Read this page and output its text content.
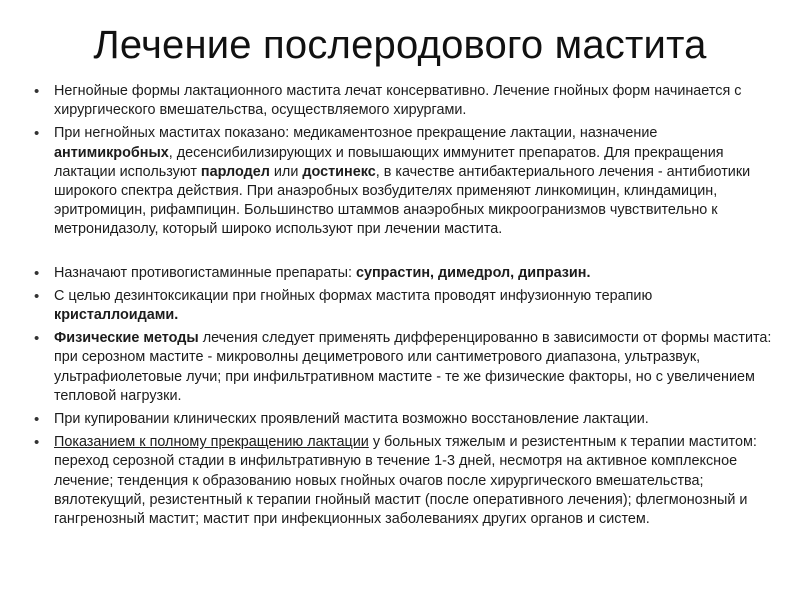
Лечение послеродового мастита
• Негнойные формы лактационного мастита лечат консервативно. Лечение гнойных форм начинается с хирургического вмешательства, осуществляемого хирургами.
• При негнойных маститах показано: медикаментозное прекращение лактации, назначение антимикробных, десенсибилизирующих и повышающих иммунитет препаратов. Для прекращения лактации используют парлодел или достинекс, в качестве антибактериального лечения - антибиотики широкого спектра действия. При анаэробных возбудителях применяют линкомицин, клиндамицин, эритромицин, рифампицин. Большинство штаммов анаэробных микроогранизмов чувствительно к метронидазолу, который широко используют при лечении мастита.
• Назначают противогистаминные препараты: супрастин, димедрол, дипразин.
• С целью дезинтоксикации при гнойных формах мастита проводят инфузионную терапию кристаллоидами.
• Физические методы лечения следует применять дифференцированно в зависимости от формы мастита: при серозном мастите - микроволны дециметрового или сантиметрового диапазона, ультразвук, ультрафиолетовые лучи; при инфильтративном мастите - те же физические факторы, но с увеличением тепловой нагрузки.
• При купировании клинических проявлений мастита возможно восстановление лактации.
• Показанием к полному прекращению лактации у больных тяжелым и резистентным к терапии маститом: переход серозной стадии в инфильтративную в течение 1-3 дней, несмотря на активное комплексное лечение; тенденция к образованию новых гнойных очагов после хирургического вмешательства; вялотекущий, резистентный к терапии гнойный мастит (после оперативного лечения); флегмонозный и гангренозный мастит; мастит при инфекционных заболеваниях других органов и систем.
